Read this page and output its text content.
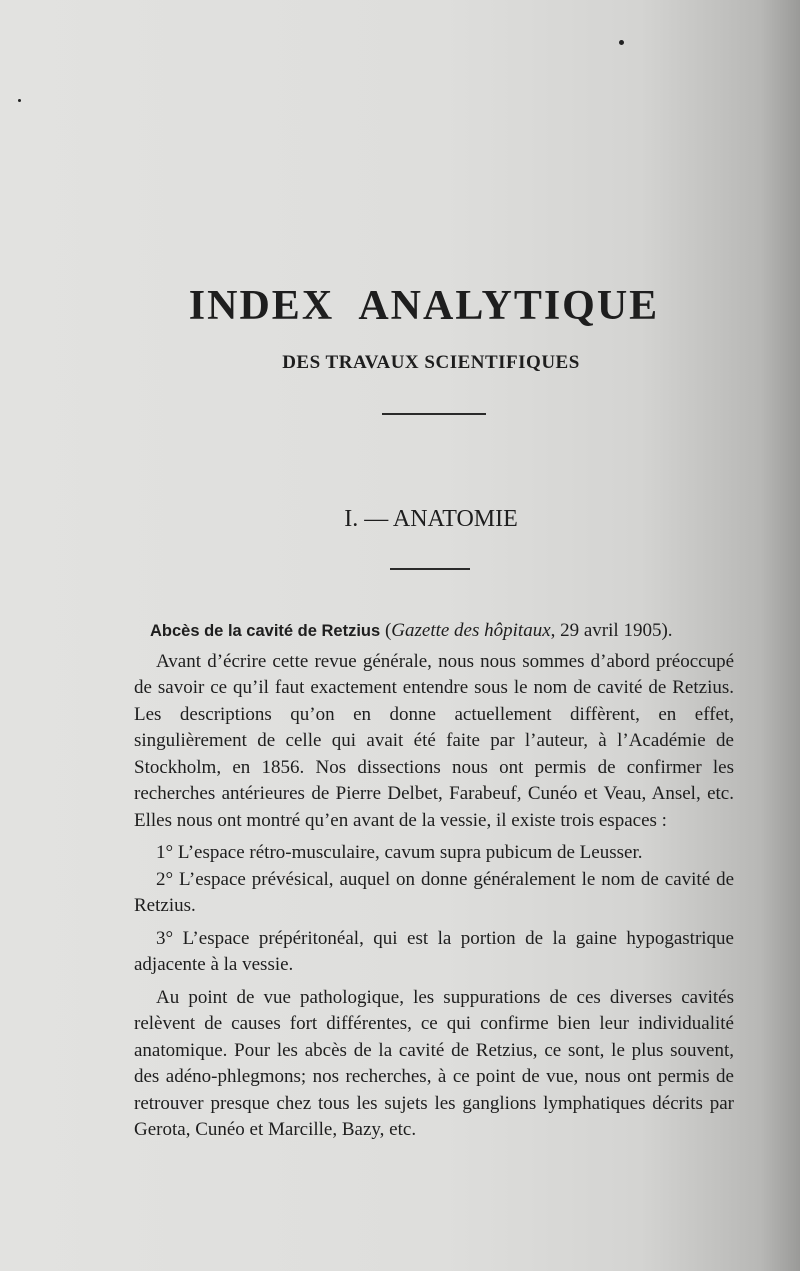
INDEX ANALYTIQUE
DES TRAVAUX SCIENTIFIQUES
I. — ANATOMIE

Abcès de la cavité de Retzius (Gazette des hôpitaux, 29 avril 1905).

Avant d’écrire cette revue générale, nous nous sommes d’abord préoccupé de savoir ce qu’il faut exactement entendre sous le nom de cavité de Retzius. Les descriptions qu’on en donne actuellement diffèrent, en effet, singulièrement de celle qui avait été faite par l’auteur, à l’Académie de Stockholm, en 1856. Nos dissections nous ont permis de confirmer les recherches antérieures de Pierre Delbet, Farabeuf, Cunéo et Veau, Ansel, etc. Elles nous ont montré qu’en avant de la vessie, il existe trois espaces :

1° L’espace rétro-musculaire, cavum supra pubicum de Leusser.

2° L’espace prévésical, auquel on donne généralement le nom de cavité de Retzius.

3° L’espace prépéritonéal, qui est la portion de la gaine hypogastrique adjacente à la vessie.

Au point de vue pathologique, les suppurations de ces diverses cavités relèvent de causes fort différentes, ce qui confirme bien leur individualité anatomique. Pour les abcès de la cavité de Retzius, ce sont, le plus souvent, des adéno-phlegmons; nos recherches, à ce point de vue, nous ont permis de retrouver presque chez tous les sujets les ganglions lymphatiques décrits par Gerota, Cunéo et Marcille, Bazy, etc.
